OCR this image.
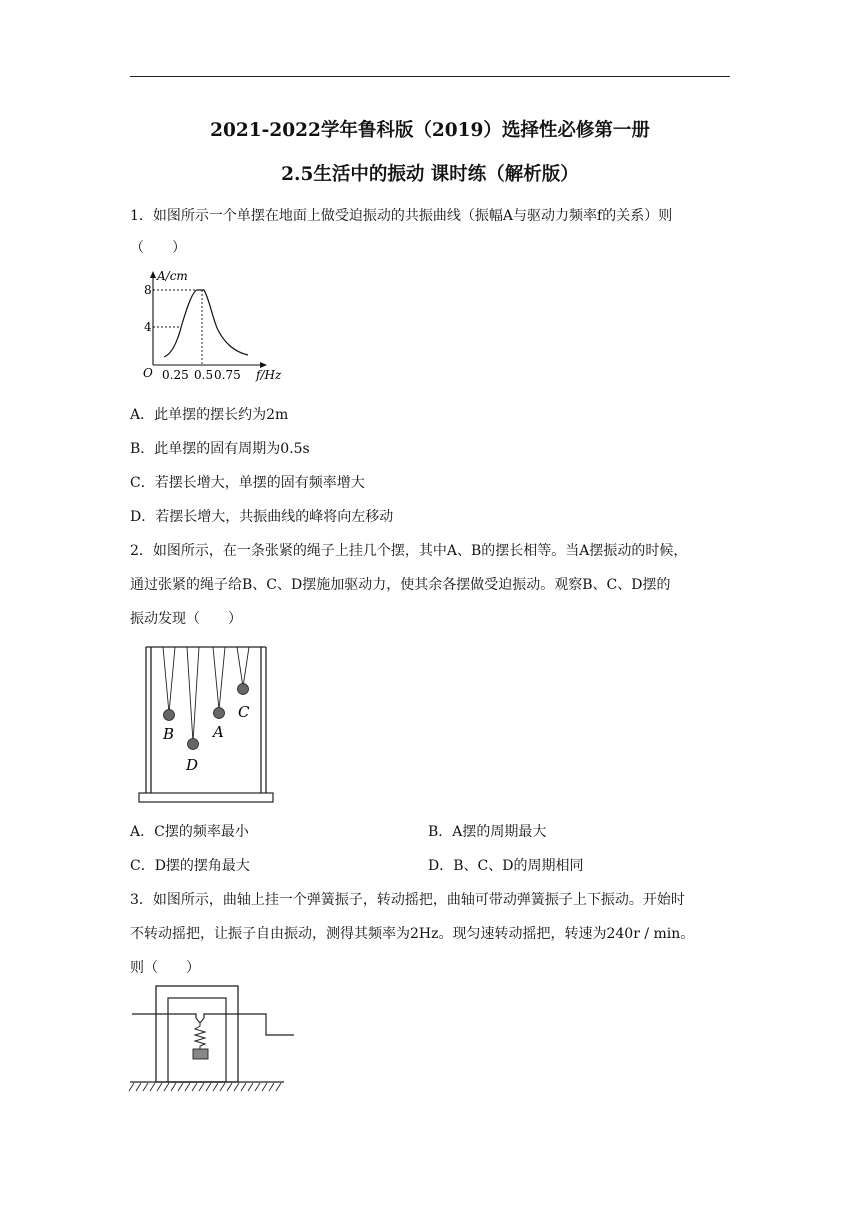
2021-2022学年鲁科版（2019）选择性必修第一册
2.5生活中的振动 课时练（解析版）
1．如图所示一个单摆在地面上做受迫振动的共振曲线（振幅A与驱动力频率f的关系）则
（　　）
A/cm
f/Hz
O
8
4
0.25 0.5 0.75
A．此单摆的摆长约为2m
B．此单摆的固有周期为0.5s
C．若摆长增大，单摆的固有频率增大
D．若摆长增大，共振曲线的峰将向左移动
2．如图所示，在一条张紧的绳子上挂几个摆，其中A、B的摆长相等。当A摆振动的时候，
通过张紧的绳子给B、C、D摆施加驱动力，使其余各摆做受迫振动。观察B、C、D摆的
振动发现（　　）
B
D
A
C
A．C摆的频率最小	B．A摆的周期最大
C．D摆的摆角最大	D．B、C、D的周期相同
3．如图所示，曲轴上挂一个弹簧振子，转动摇把，曲轴可带动弹簧振子上下振动。开始时
不转动摇把，让振子自由振动，测得其频率为2Hz。现匀速转动摇把，转速为240r / min。
则（　　）
